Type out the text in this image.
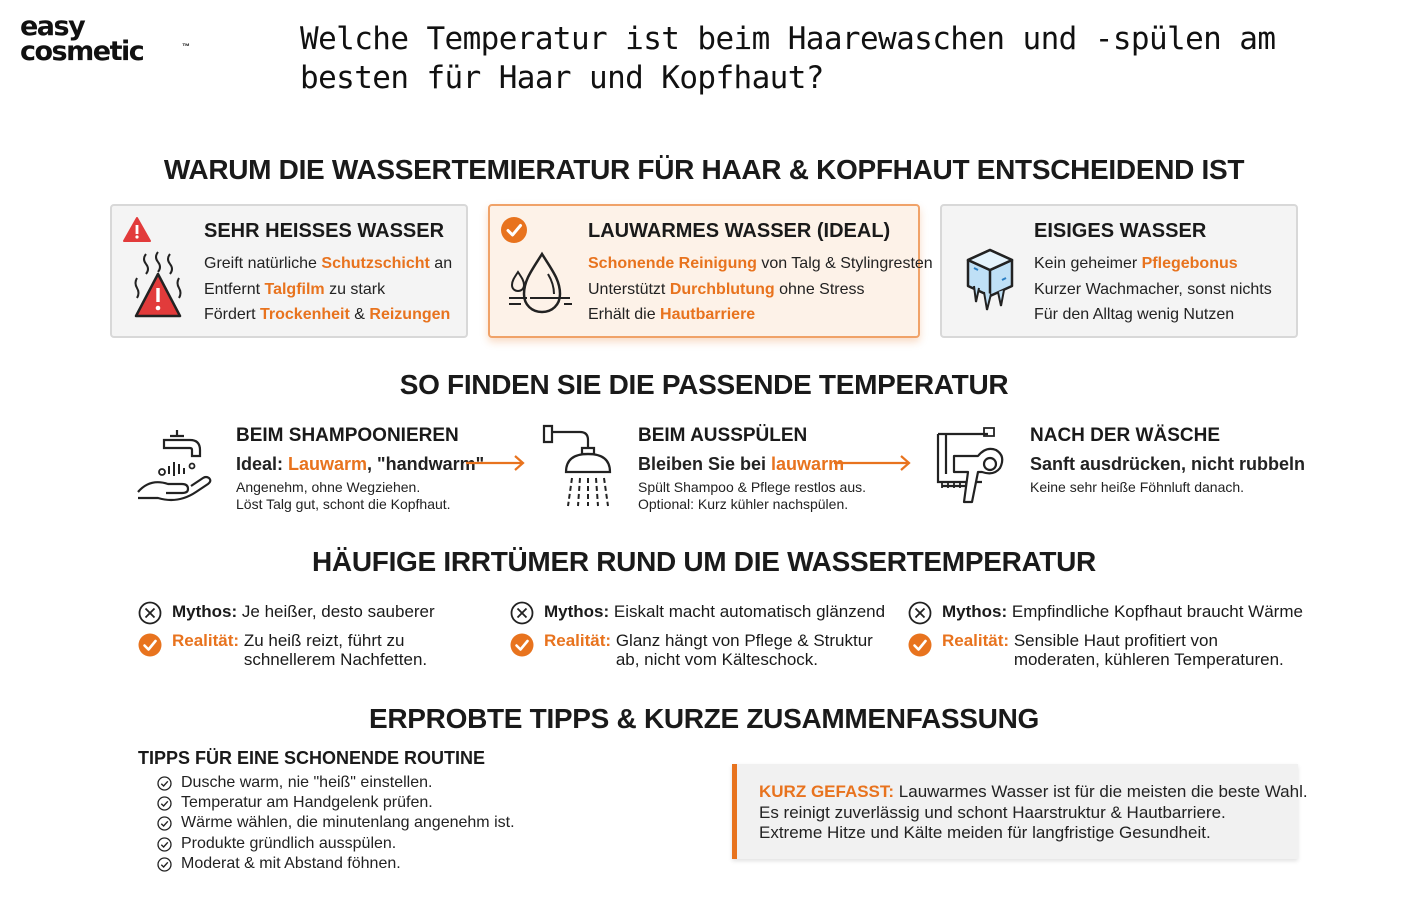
easy
cosmetic	™	Welche Temperatur ist beim Haarewaschen und -spülen am besten für Haar und Kopfhaut?
WARUM DIE WASSERTEMIERATUR FÜR HAAR & KOPFHAUT ENTSCHEIDEND IST
SEHR HEISSES WASSER
Greift natürliche Schutzschicht an
Entfernt Talgfilm zu stark
Fördert Trockenheit & Reizungen
LAUWARMES WASSER (IDEAL)
Schonende Reinigung von Talg & Stylingresten
Unterstützt Durchblutung ohne Stress
Erhält die Hautbarriere
EISIGES WASSER
Kein geheimer Pflegebonus
Kurzer Wachmacher, sonst nichts
Für den Alltag wenig Nutzen
SO FINDEN SIE DIE PASSENDE TEMPERATUR
BEIM SHAMPOONIEREN
Ideal: Lauwarm, "handwarm"
Angenehm, ohne Wegziehen.
Löst Talg gut, schont die Kopfhaut.
BEIM AUSSPÜLEN
Bleiben Sie bei lauwarm
Spült Shampoo & Pflege restlos aus.
Optional: Kurz kühler nachspülen.
NACH DER WÄSCHE
Sanft ausdrücken, nicht rubbeln
Keine sehr heiße Föhnluft danach.
HÄUFIGE IRRTÜMER RUND UM DIE WASSERTEMPERATUR
Mythos: Je heißer, desto sauberer
Realität: Zu heiß reizt, führt zu
schnellerem Nachfetten.
Mythos: Eiskalt macht automatisch glänzend
Realität: Glanz hängt von Pflege & Struktur
ab, nicht vom Kälteschock.
Mythos: Empfindliche Kopfhaut braucht Wärme
Realität: Sensible Haut profitiert von
moderaten, kühleren Temperaturen.
ERPROBTE TIPPS & KURZE ZUSAMMENFASSUNG
TIPPS FÜR EINE SCHONENDE ROUTINE
Dusche warm, nie "heiß" einstellen.
Temperatur am Handgelenk prüfen.
Wärme wählen, die minutenlang angenehm ist.
Produkte gründlich ausspülen.
Moderat & mit Abstand föhnen.
KURZ GEFASST: Lauwarmes Wasser ist für die meisten die beste Wahl.
Es reinigt zuverlässig und schont Haarstruktur & Hautbarriere.
Extreme Hitze und Kälte meiden für langfristige Gesundheit.
